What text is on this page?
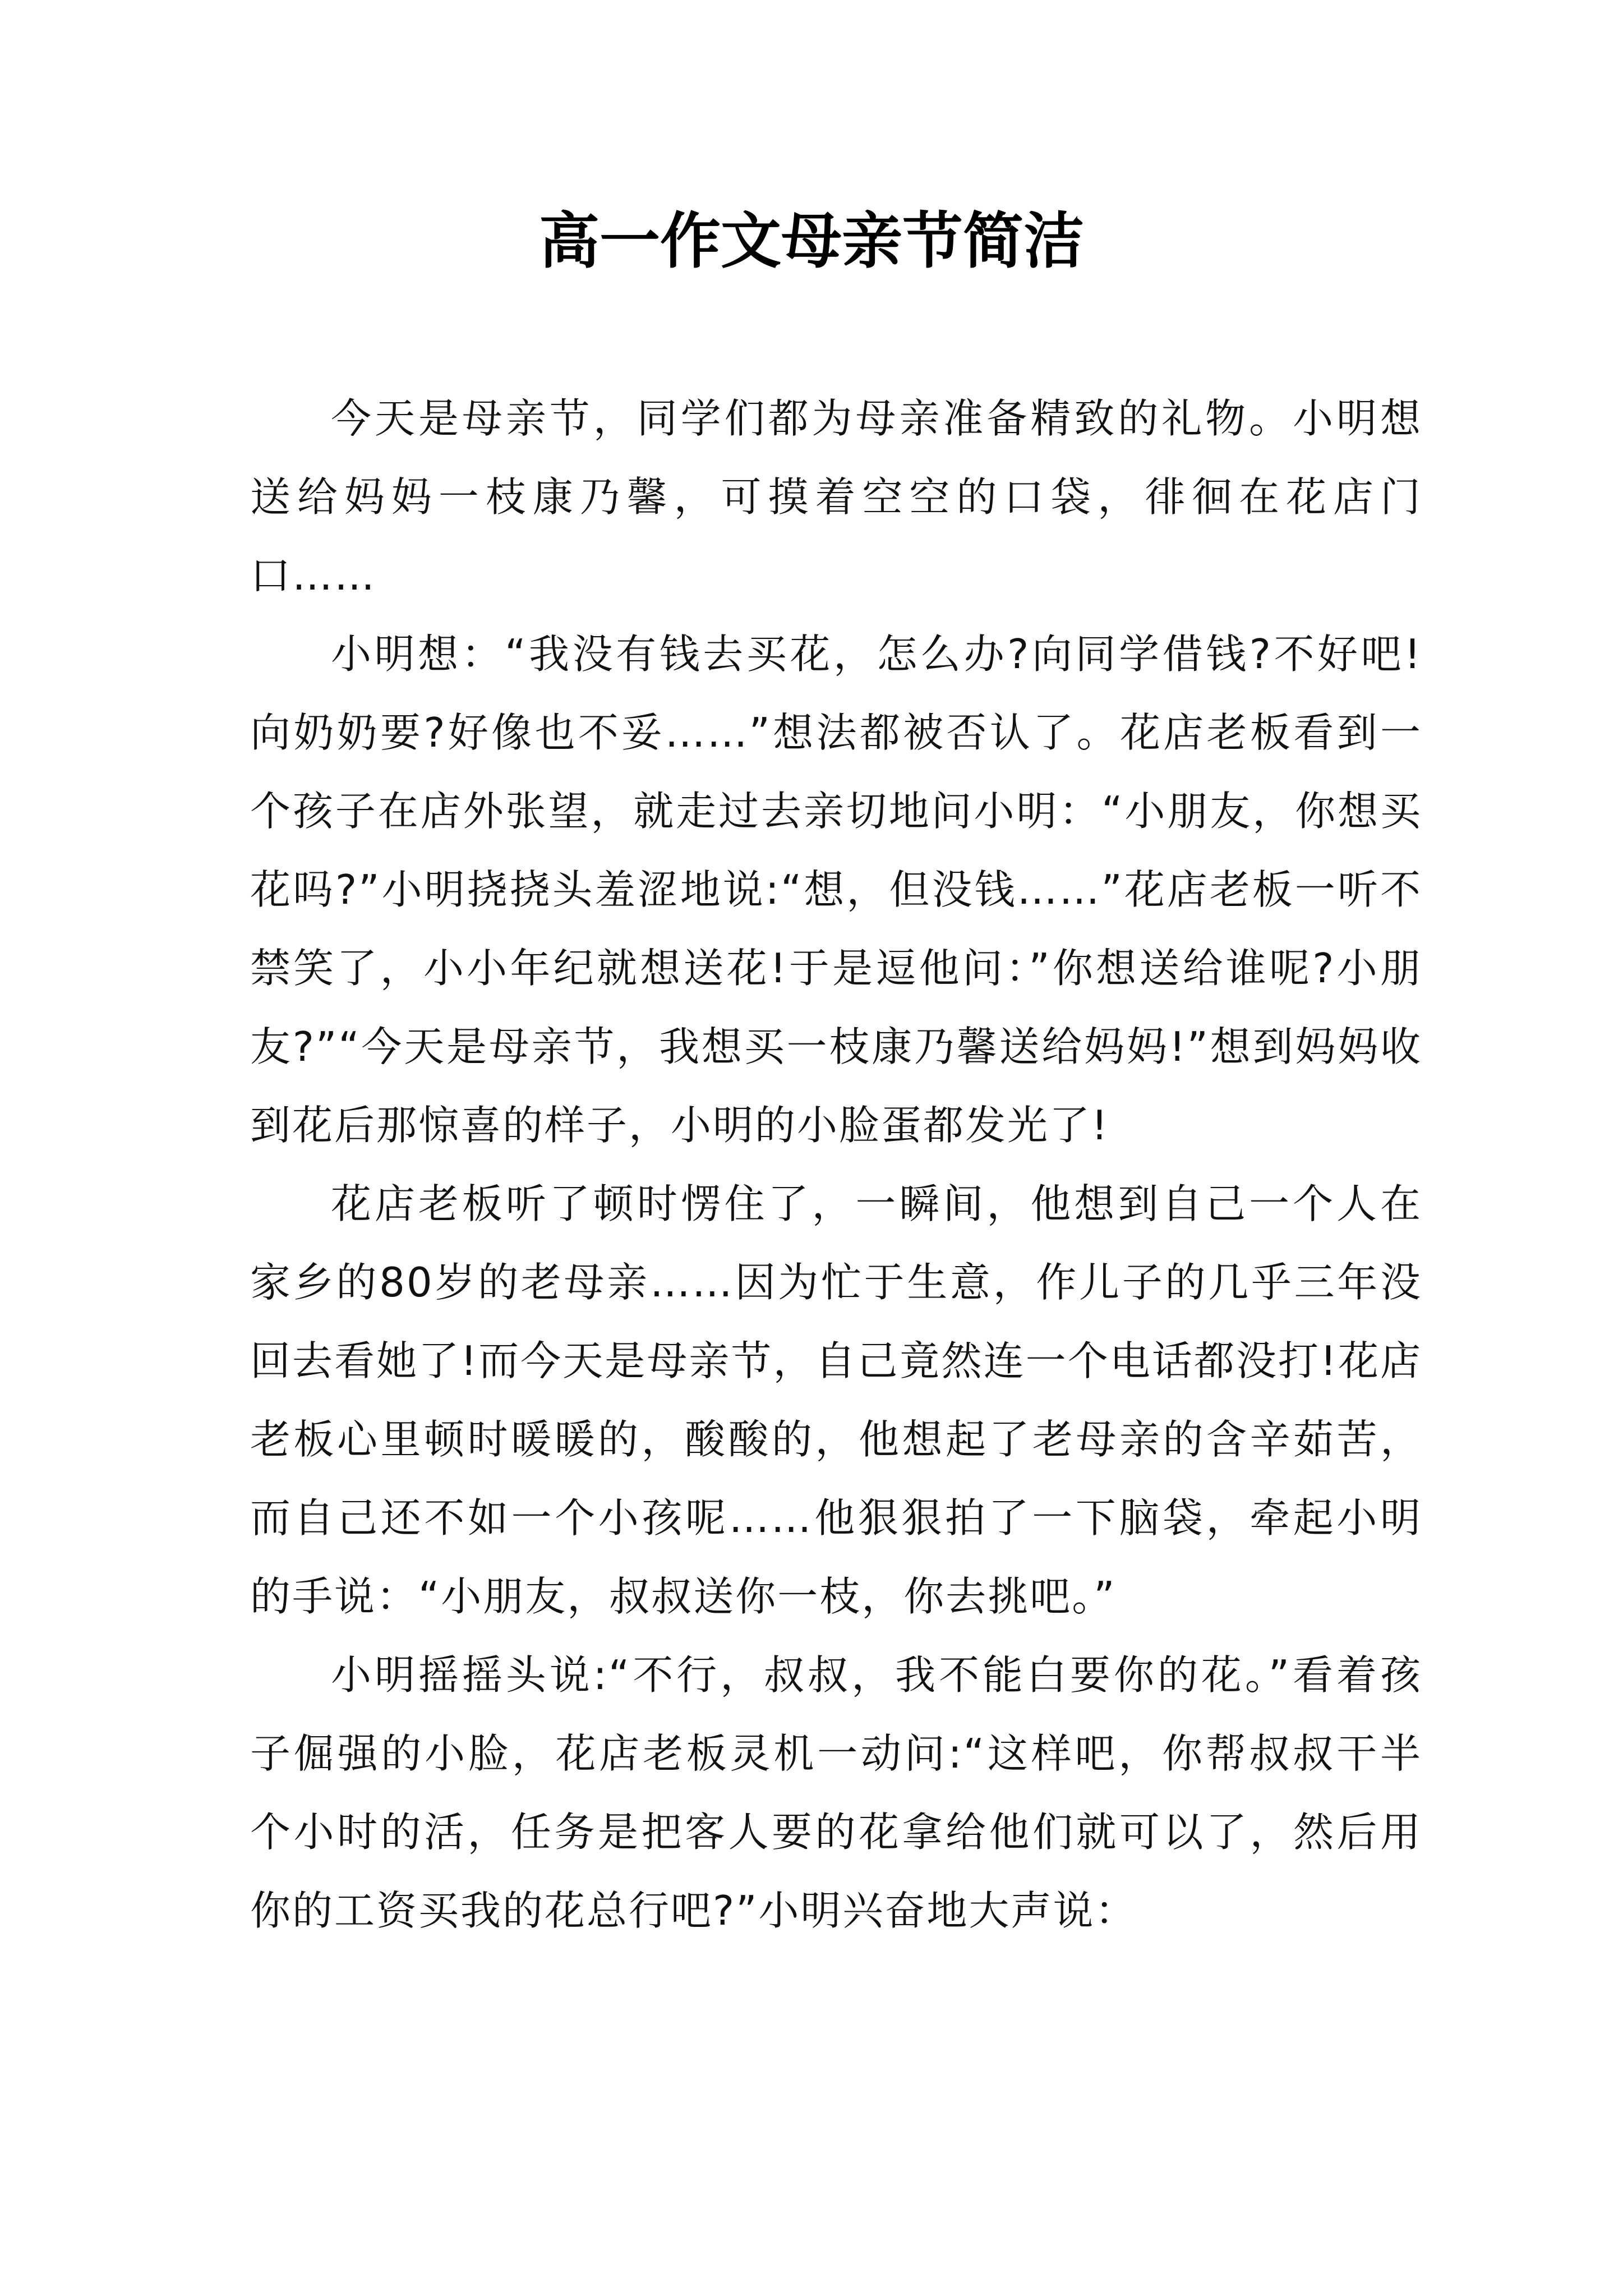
高一作文母亲节简洁

今天是母亲节，同学们都为母亲准备精致的礼物。小明想送给妈妈一枝康乃馨，可摸着空空的口袋，徘徊在花店门口……

小明想：“我没有钱去买花，怎么办?向同学借钱?不好吧!向奶奶要?好像也不妥……”想法都被否认了。花店老板看到一个孩子在店外张望，就走过去亲切地问小明：“小朋友，你想买花吗?”小明挠挠头羞涩地说:“想，但没钱……”花店老板一听不禁笑了，小小年纪就想送花!于是逗他问：”你想送给谁呢?小朋友?”“今天是母亲节，我想买一枝康乃馨送给妈妈!”想到妈妈收到花后那惊喜的样子，小明的小脸蛋都发光了!

花店老板听了顿时愣住了，一瞬间，他想到自己一个人在家乡的80岁的老母亲……因为忙于生意，作儿子的几乎三年没回去看她了!而今天是母亲节，自己竟然连一个电话都没打!花店老板心里顿时暖暖的，酸酸的，他想起了老母亲的含辛茹苦，而自己还不如一个小孩呢……他狠狠拍了一下脑袋，牵起小明的手说：“小朋友，叔叔送你一枝，你去挑吧。”

小明摇摇头说:“不行，叔叔，我不能白要你的花。”看着孩子倔强的小脸，花店老板灵机一动问:“这样吧，你帮叔叔干半个小时的活，任务是把客人要的花拿给他们就可以了，然后用你的工资买我的花总行吧?”小明兴奋地大声说：
